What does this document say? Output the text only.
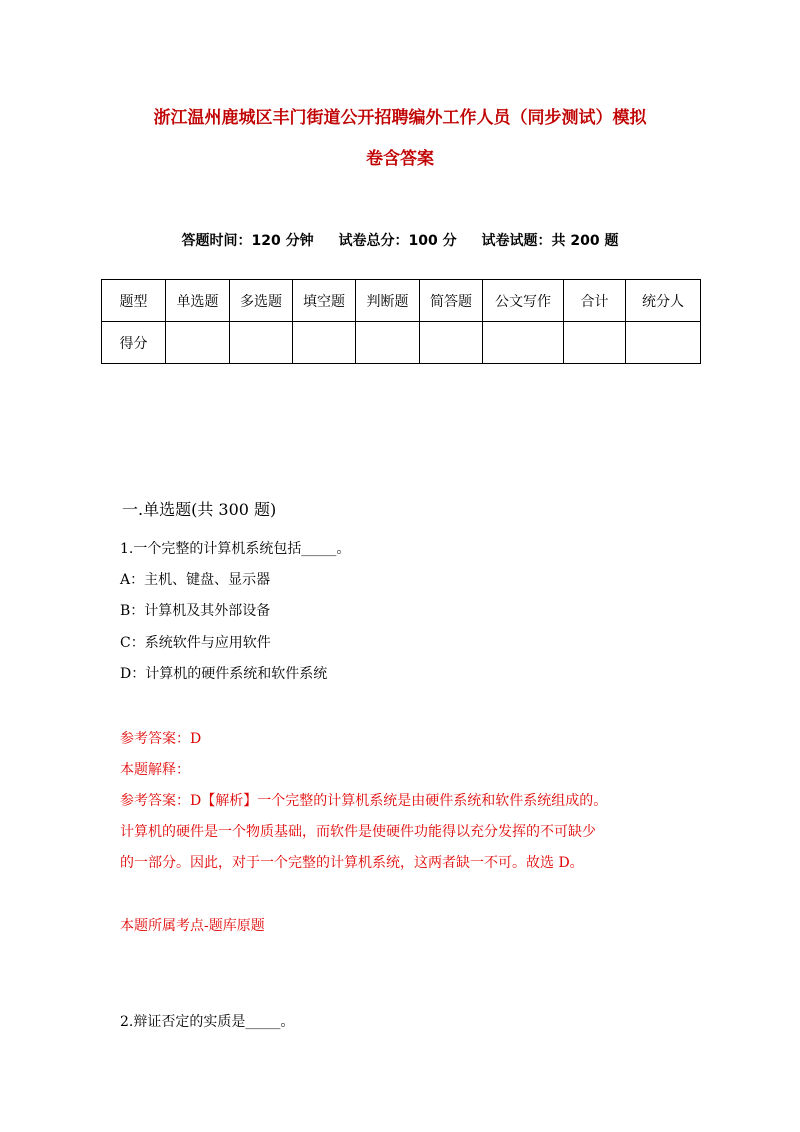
浙江温州鹿城区丰门街道公开招聘编外工作人员（同步测试）模拟
卷含答案
答题时间：120 分钟 试卷总分：100 分 试卷试题：共 200 题
题型	单选题	多选题	填空题	判断题	简答题	公文写作	合计	统分人
得分								
一.单选题(共 300 题)
1.一个完整的计算机系统包括_____。
A：主机、键盘、显示器
B：计算机及其外部设备
C：系统软件与应用软件
D：计算机的硬件系统和软件系统
参考答案：D
本题解释：
参考答案：D【解析】一个完整的计算机系统是由硬件系统和软件系统组成的。
计算机的硬件是一个物质基础，而软件是使硬件功能得以充分发挥的不可缺少
的一部分。因此，对于一个完整的计算机系统，这两者缺一不可。故选 D。
本题所属考点-题库原题
2.辩证否定的实质是_____。
